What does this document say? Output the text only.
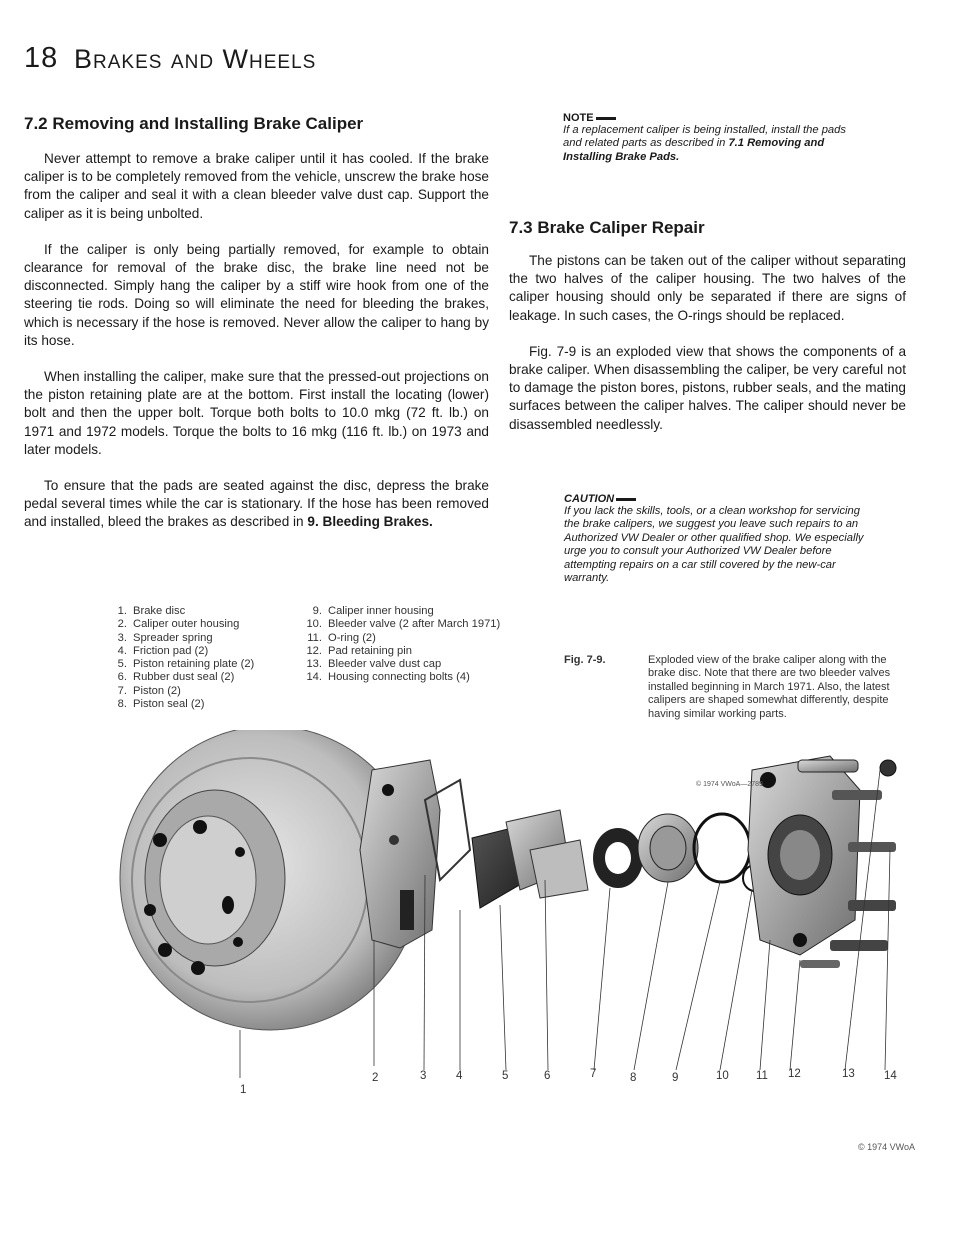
18 Brakes and Wheels
7.2 Removing and Installing Brake Caliper

Never attempt to remove a brake caliper until it has cooled. If the brake caliper is to be completely removed from the vehicle, unscrew the brake hose from the caliper and seal it with a clean bleeder valve dust cap. Support the caliper as it is being unbolted.

If the caliper is only being partially removed, for example to obtain clearance for removal of the brake disc, the brake line need not be disconnected. Simply hang the caliper by a stiff wire hook from one of the steering tie rods. Doing so will eliminate the need for bleeding the brakes, which is necessary if the hose is removed. Never allow the caliper to hang by its hose.

When installing the caliper, make sure that the pressed-out projections on the piston retaining plate are at the bottom. First install the locating (lower) bolt and then the upper bolt. Torque both bolts to 10.0 mkg (72 ft. lb.) on 1971 and 1972 models. Torque the bolts to 16 mkg (116 ft. lb.) on 1973 and later models.

To ensure that the pads are seated against the disc, depress the brake pedal several times while the car is stationary. If the hose has been removed and installed, bleed the brakes as described in 9. Bleeding Brakes.

1. Brake disc
2. Caliper outer housing
3. Spreader spring
4. Friction pad (2)
5. Piston retaining plate (2)
6. Rubber dust seal (2)
7. Piston (2)
8. Piston seal (2)
9. Caliper inner housing
10. Bleeder valve (2 after March 1971)
11. O-ring (2)
12. Pad retaining pin
13. Bleeder valve dust cap
14. Housing connecting bolts (4)
NOTE

If a replacement caliper is being installed, install the pads and related parts as described in 7.1 Removing and Installing Brake Pads.

7.3 Brake Caliper Repair

The pistons can be taken out of the caliper without separating the two halves of the caliper housing. The two halves of the caliper housing should only be separated if there are signs of leakage. In such cases, the O-rings should be replaced.

Fig. 7-9 is an exploded view that shows the components of a brake caliper. When disassembling the caliper, be very careful not to damage the piston bores, pistons, rubber seals, and the mating surfaces between the caliper halves. The caliper should never be disassembled needlessly.

CAUTION

If you lack the skills, tools, or a clean workshop for servicing the brake calipers, we suggest you leave such repairs to an Authorized VW Dealer or other qualified shop. We especially urge you to consult your Authorized VW Dealer before attempting repairs on a car still covered by the new-car warranty.

Fig. 7-9.	Exploded view of the brake caliper along with the brake disc. Note that there are two bleeder valves installed beginning in March 1971. Also, the latest calipers are shaped somewhat differently, despite having similar working parts.
© 1974 VWoA—2789
1
2	3	4	5	6	7	8	9	10 11 12	13	14
© 1974 VWoA
